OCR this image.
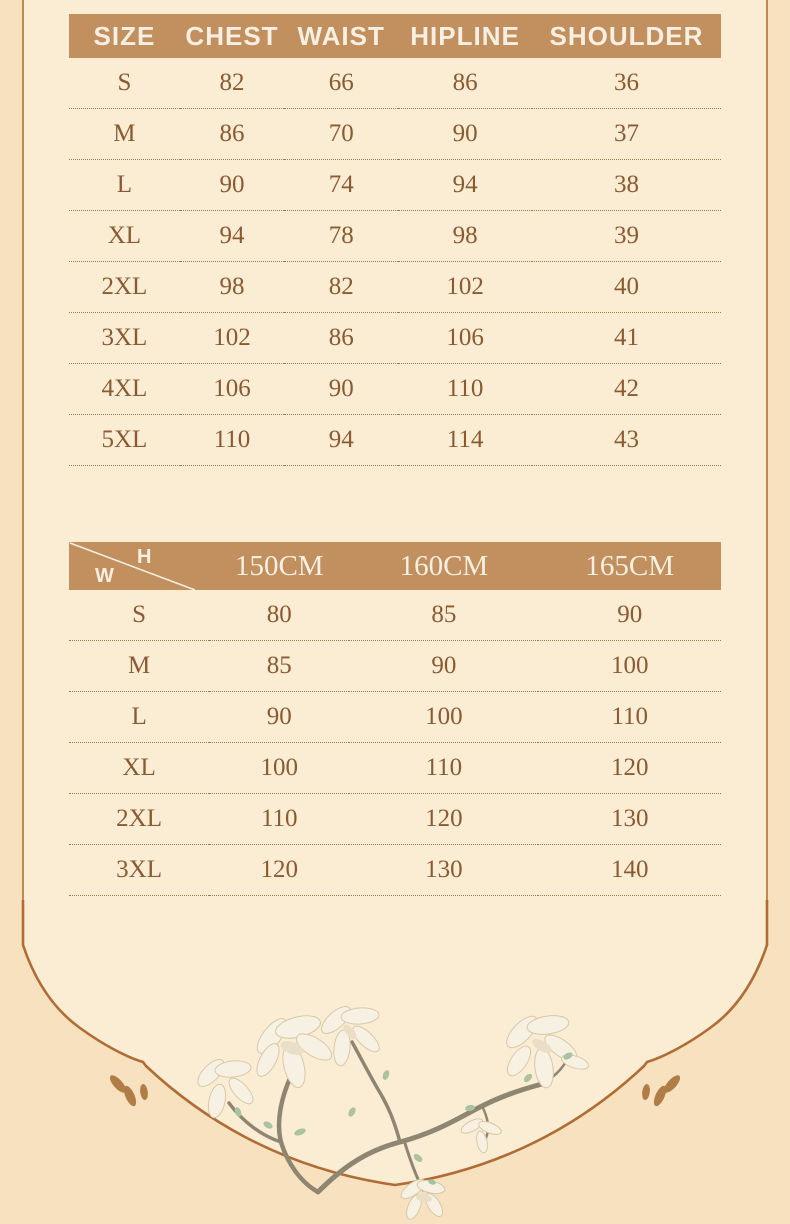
SIZE	CHEST	WAIST	HIPLINE	SHOULDER
S	82	66	86	36
M	86	70	90	37
L	90	74	94	38
XL	94	78	98	39
2XL	98	82	102	40
3XL	102	86	106	41
4XL	106	90	110	42
5XL	110	94	114	43
H
W	150CM	160CM	165CM
S	80	85	90
M	85	90	100
L	90	100	110
XL	100	110	120
2XL	110	120	130
3XL	120	130	140
